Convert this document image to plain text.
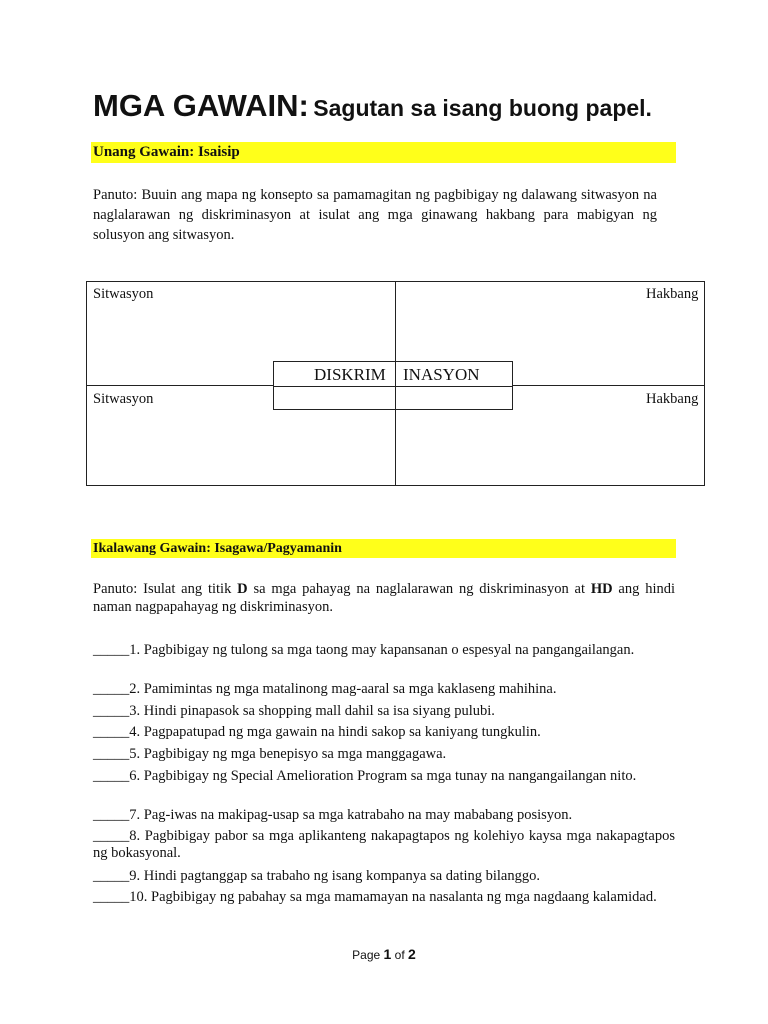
MGA GAWAIN: Sagutan sa isang buong papel.
Unang Gawain: Isaisip
Panuto: Buuin ang mapa ng konsepto sa pamamagitan ng pagbibigay ng dalawang sitwasyon na naglalarawan ng diskriminasyon at isulat ang mga ginawang hakbang para mabigyan ng solusyon ang sitwasyon.
Sitwasyon	Hakbang
Sitwasyon	Hakbang
DISKRIM INASYON
Ikalawang Gawain: Isagawa/Pagyamanin
Panuto: Isulat ang titik D sa mga pahayag na naglalarawan ng diskriminasyon at HD ang hindi naman nagpapahayag ng diskriminasyon.
_____1. Pagbibigay ng tulong sa mga taong may kapansanan o espesyal na pangangailangan.
_____2. Pamimintas ng mga matalinong mag-aaral sa mga kaklaseng mahihina.
_____3. Hindi pinapasok sa shopping mall dahil sa isa siyang pulubi.
_____4. Pagpapatupad ng mga gawain na hindi sakop sa kaniyang tungkulin.
_____5. Pagbibigay ng mga benepisyo sa mga manggagawa.
_____6. Pagbibigay ng Special Amelioration Program sa mga tunay na nangangailangan nito.
_____7. Pag-iwas na makipag-usap sa mga katrabaho na may mababang posisyon.
_____8. Pagbibigay pabor sa mga aplikanteng nakapagtapos ng kolehiyo kaysa mga nakapagtapos ng bokasyonal.
_____9. Hindi pagtanggap sa trabaho ng isang kompanya sa dating bilanggo.
_____10. Pagbibigay ng pabahay sa mga mamamayan na nasalanta ng mga nagdaang kalamidad.
Page 1 of 2
